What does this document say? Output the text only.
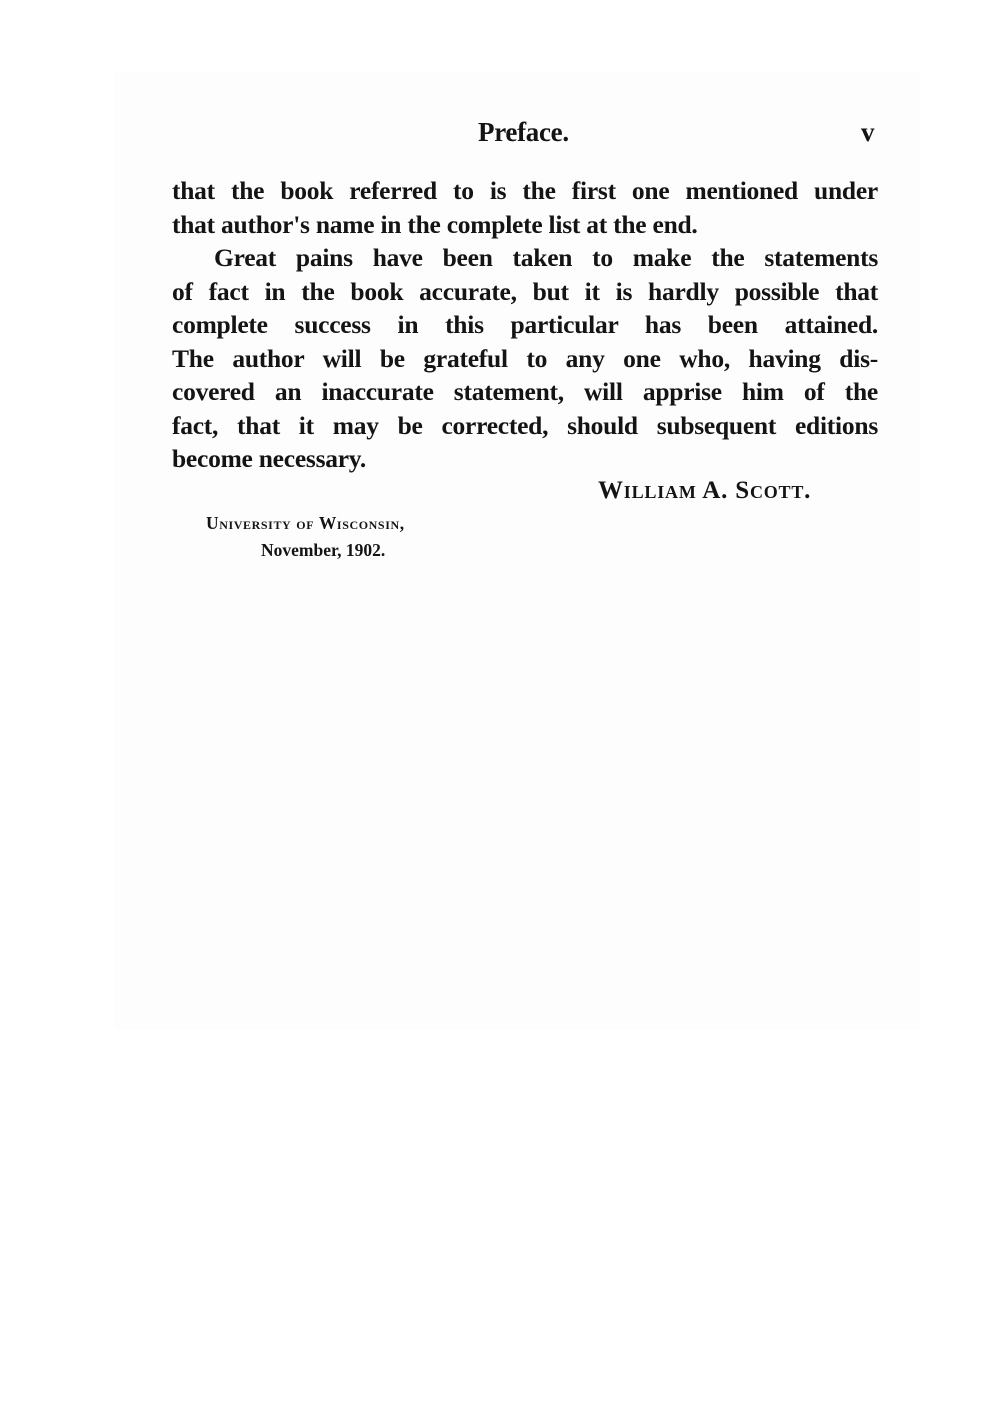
Preface.	v
that the book referred to is the first one mentioned under
that author's name in the complete list at the end.
Great pains have been taken to make the statements
of fact in the book accurate, but it is hardly possible that
complete success in this particular has been attained.
The author will be grateful to any one who, having dis-
covered an inaccurate statement, will apprise him of the
fact, that it may be corrected, should subsequent editions
become necessary.
William A. Scott.
University of Wisconsin,
November, 1902.
